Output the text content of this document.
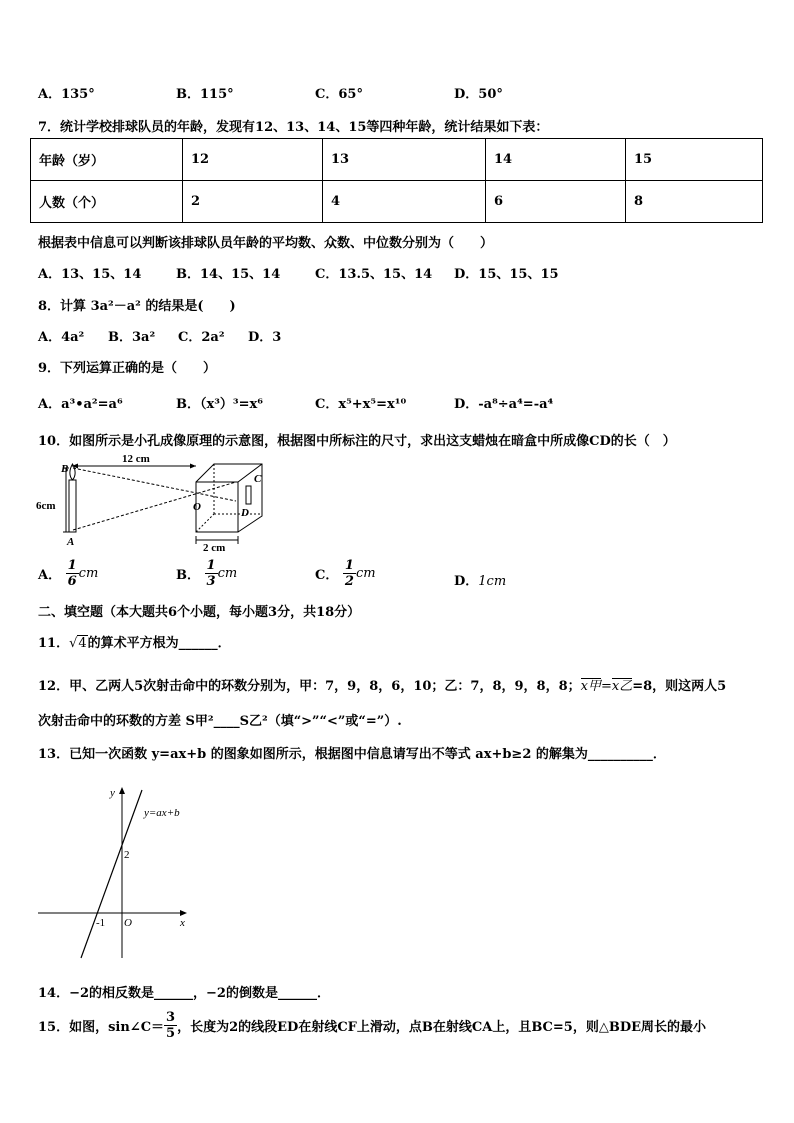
A．135°	B．115°	C．65°	D．50°
7．统计学校排球队员的年龄，发现有12、13、14、15等四种年龄，统计结果如下表：
年龄（岁）	12	13	14	15
人数（个）	2	4	6	8
根据表中信息可以判断该排球队员年龄的平均数、众数、中位数分别为（　　）
A．13、15、14	B．14、15、14	C．13.5、15、14 D．15、15、15
8．计算 3a²－a² 的结果是(　　)
A．4a² B．3a² C．2a² D．3
9．下列运算正确的是（　　）
A．a³•a²=a⁶	B．（x³）³=x⁶	C．x⁵+x⁵=x¹⁰	D．-a⁸÷a⁴=-a⁴
10．如图所示是小孔成像原理的示意图，根据图中所标注的尺寸，求出这支蜡烛在暗盒中所成像CD的长（　）
B
A
O
C
D
12 cm
6cm
2 cm
A． $\frac{1}{6}$ cm	B． $\frac{1}{3}$ cm	C． $\frac{1}{2}$ cm
D．1cm
二、填空题（本大题共6个小题，每小题3分，共18分）
11．√4的算术平方根为______．
12．甲、乙两人5次射击命中的环数分别为，甲：7，9，8，6，10；乙：7，8，9，8，8；x甲=x乙=8，则这两人5
次射击命中的环数的方差 S甲²____S乙²（填“>”“<”或“=”）.
13．已知一次函数 y=ax+b 的图象如图所示，根据图中信息请写出不等式 ax+b≥2 的解集为__________．
y
x
O
2
-1
y=ax+b
14．−2的相反数是______，−2的倒数是______．
15．如图，sin∠C＝ $\frac{3}{5}$ ，长度为2的线段ED在射线CF上滑动，点B在射线CA上，且BC=5，则△BDE周长的最小
